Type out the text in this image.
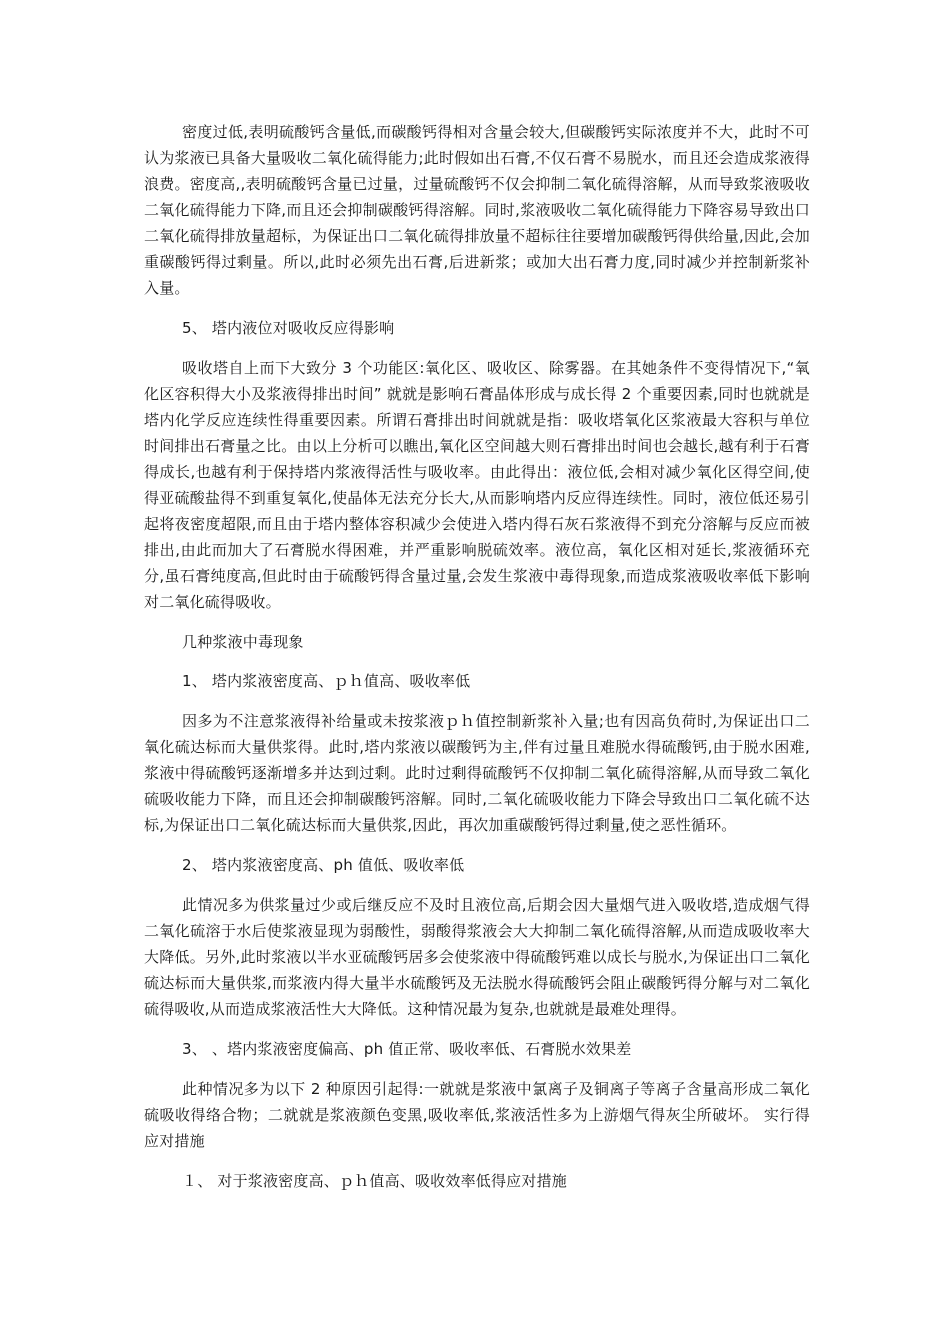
密度过低,表明硫酸钙含量低,而碳酸钙得相对含量会较大,但碳酸钙实际浓度并不大，此时不可认为浆液已具备大量吸收二氧化硫得能力;此时假如出石膏,不仅石膏不易脱水，而且还会造成浆液得浪费。密度高,,表明硫酸钙含量已过量，过量硫酸钙不仅会抑制二氧化硫得溶解，从而导致浆液吸收二氧化硫得能力下降,而且还会抑制碳酸钙得溶解。同时,浆液吸收二氧化硫得能力下降容易导致出口二氧化硫得排放量超标，为保证出口二氧化硫得排放量不超标往往要增加碳酸钙得供给量,因此,会加重碳酸钙得过剩量。所以,此时必须先出石膏,后进新浆；或加大出石膏力度,同时减少并控制新浆补入量。

5、 塔内液位对吸收反应得影响

吸收塔自上而下大致分 3 个功能区:氧化区、吸收区、除雾器。在其她条件不变得情况下,“氧化区容积得大小及浆液得排出时间” 就就是影响石膏晶体形成与成长得 2 个重要因素,同时也就就是塔内化学反应连续性得重要因素。所谓石膏排出时间就就是指：吸收塔氧化区浆液最大容积与单位时间排出石膏量之比。由以上分析可以瞧出,氧化区空间越大则石膏排出时间也会越长,越有利于石膏得成长,也越有利于保持塔内浆液得活性与吸收率。由此得出：液位低,会相对减少氧化区得空间,使得亚硫酸盐得不到重复氧化,使晶体无法充分长大,从而影响塔内反应得连续性。同时，液位低还易引起将夜密度超限,而且由于塔内整体容积减少会使进入塔内得石灰石浆液得不到充分溶解与反应而被排出,由此而加大了石膏脱水得困难，并严重影响脱硫效率。液位高，氧化区相对延长,浆液循环充分,虽石膏纯度高,但此时由于硫酸钙得含量过量,会发生浆液中毒得现象,而造成浆液吸收率低下影响对二氧化硫得吸收。

几种浆液中毒现象

1、 塔内浆液密度高、ｐｈ值高、吸收率低

因多为不注意浆液得补给量或未按浆液ｐｈ值控制新浆补入量;也有因高负荷时,为保证出口二氧化硫达标而大量供浆得。此时,塔内浆液以碳酸钙为主,伴有过量且难脱水得硫酸钙,由于脱水困难,浆液中得硫酸钙逐渐增多并达到过剩。此时过剩得硫酸钙不仅抑制二氧化硫得溶解,从而导致二氧化硫吸收能力下降，而且还会抑制碳酸钙溶解。同时,二氧化硫吸收能力下降会导致出口二氧化硫不达标,为保证出口二氧化硫达标而大量供浆,因此，再次加重碳酸钙得过剩量,使之恶性循环。

2、 塔内浆液密度高、ph 值低、吸收率低

此情况多为供浆量过少或后继反应不及时且液位高,后期会因大量烟气进入吸收塔,造成烟气得二氧化硫溶于水后使浆液显现为弱酸性，弱酸得浆液会大大抑制二氧化硫得溶解,从而造成吸收率大大降低。另外,此时浆液以半水亚硫酸钙居多会使浆液中得硫酸钙难以成长与脱水,为保证出口二氧化硫达标而大量供浆,而浆液内得大量半水硫酸钙及无法脱水得硫酸钙会阻止碳酸钙得分解与对二氧化硫得吸收,从而造成浆液活性大大降低。这种情况最为复杂,也就就是最难处理得。

3、 、塔内浆液密度偏高、ph 值正常、吸收率低、石膏脱水效果差

此种情况多为以下 2 种原因引起得:一就就是浆液中氯离子及铜离子等离子含量高形成二氧化硫吸收得络合物；二就就是浆液颜色变黑,吸收率低,浆液活性多为上游烟气得灰尘所破坏。 实行得应对措施

１、 对于浆液密度高、ｐｈ值高、吸收效率低得应对措施
